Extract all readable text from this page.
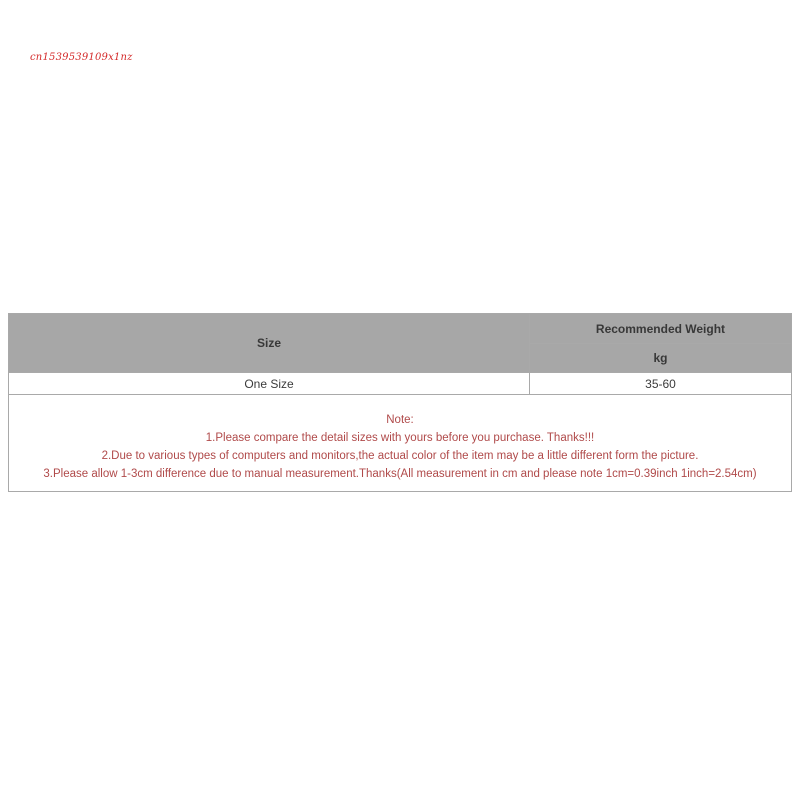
cn1539539109x1nz
Size	Recommended Weight
	kg
One Size	35-60

Note:
1.Please compare the detail sizes with yours before you purchase. Thanks!!!
2.Due to various types of computers and monitors,the actual color of the item may be a little different form the picture.
3.Please allow 1-3cm difference due to manual measurement.Thanks(All measurement in cm and please note 1cm=0.39inch 1inch=2.54cm)	
